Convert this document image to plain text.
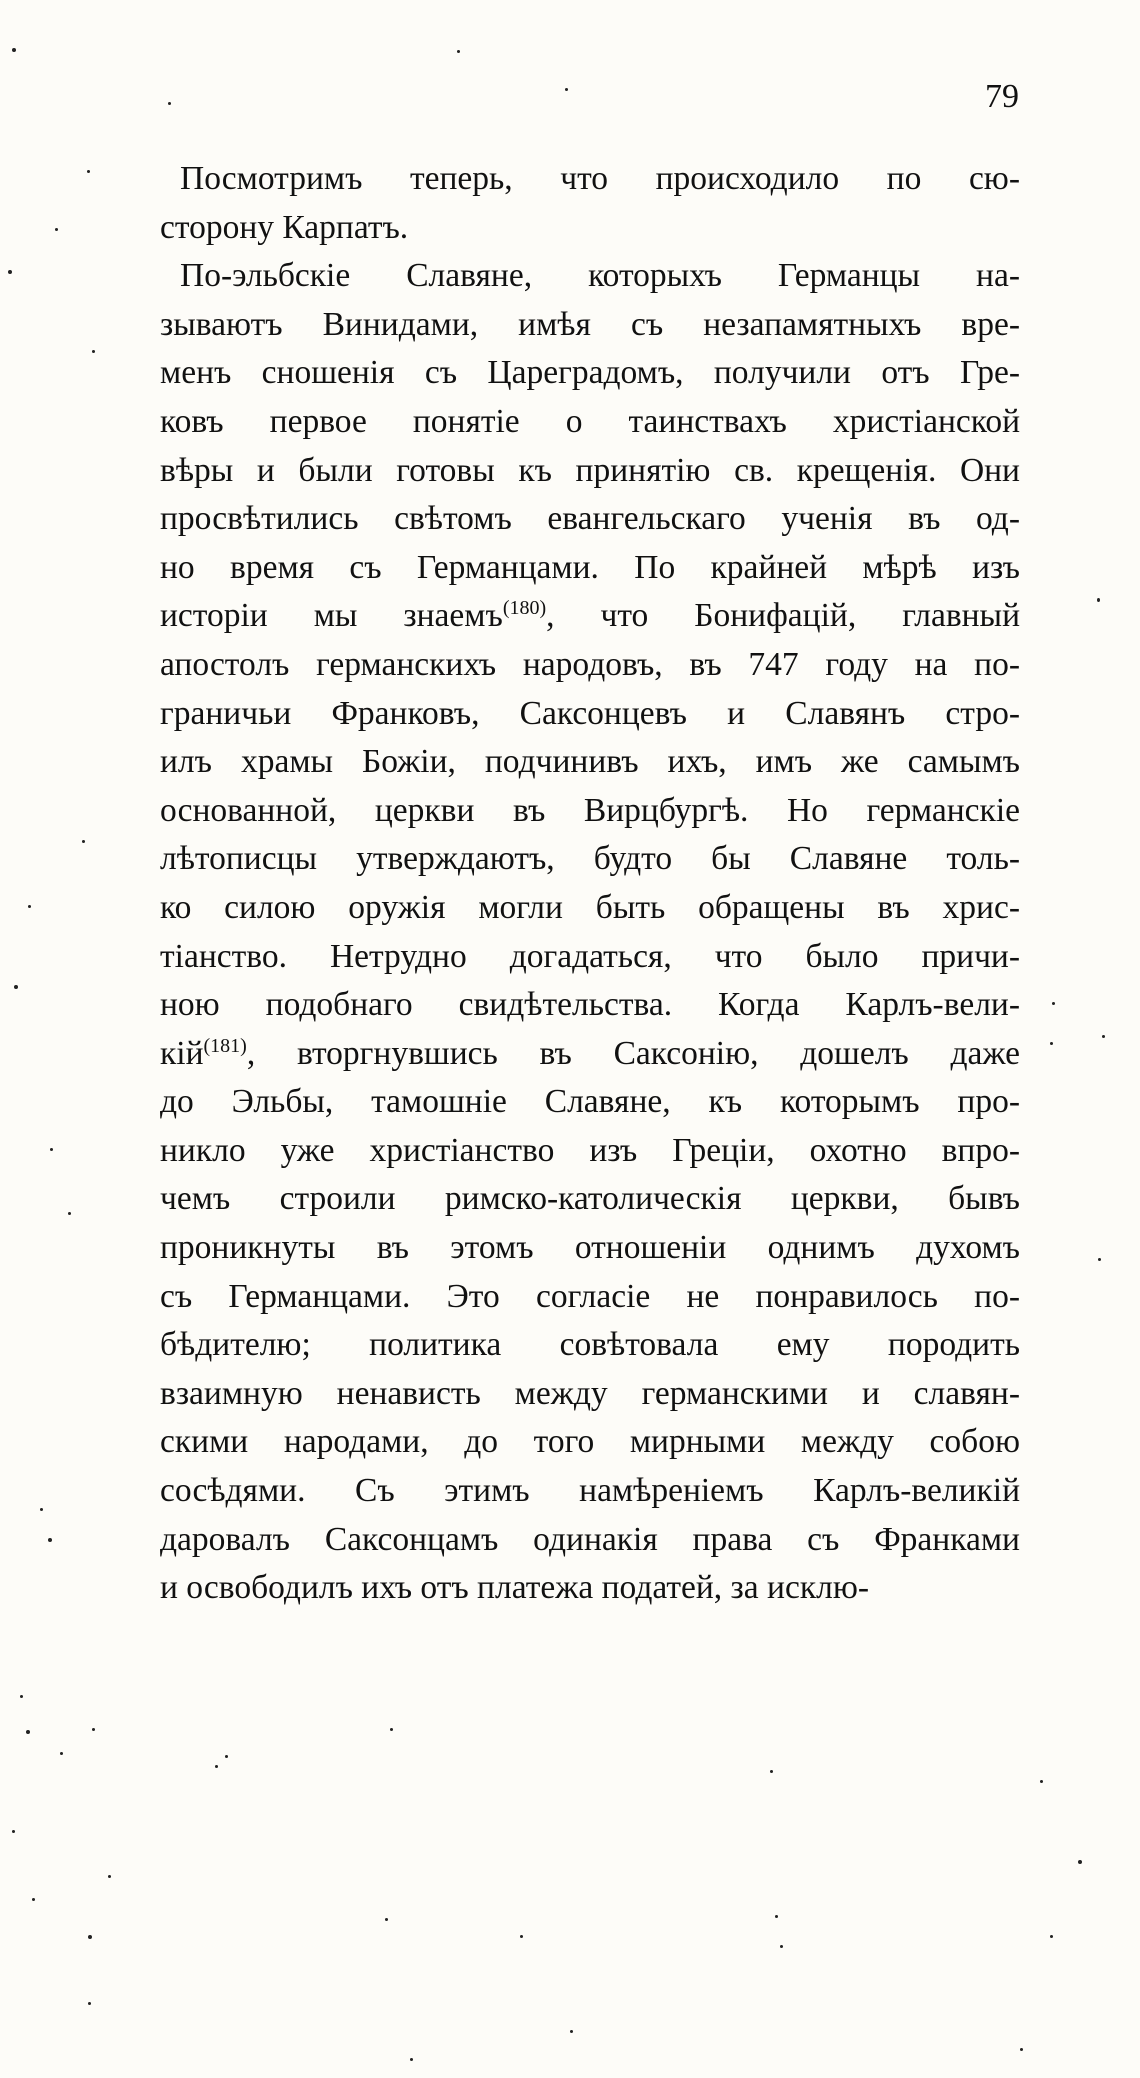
79
Посмотримъ теперь, что происходило по сю-
сторону Карпатъ.
По-эльбскіе Славяне, которыхъ Германцы на-
зываютъ Винидами, имѣя съ незапамятныхъ вре-
менъ сношенія съ Цареградомъ, получили отъ Гре-
ковъ первое понятіе о таинствахъ христіанской
вѣры и были готовы къ принятію св. крещенія. Они
просвѣтились свѣтомъ евангельскаго ученія въ од-
но время съ Германцами. По крайней мѣрѣ изъ
исторіи мы знаемъ$^{(180)}$, что Бонифацій, главный
апостолъ германскихъ народовъ, въ 747 году на по-
граничьи Франковъ, Саксонцевъ и Славянъ стро-
илъ храмы Божіи, подчинивъ ихъ, имъ же самымъ
основанной, церкви въ Вирцбургѣ. Но германскіе
лѣтописцы утверждаютъ, будто бы Славяне толь-
ко силою оружія могли быть обращены въ хрис-
тіанство. Нетрудно догадаться, что было причи-
ною подобнаго свидѣтельства. Когда Карлъ-вели-
кій$^{(181)}$, вторгнувшись въ Саксонію, дошелъ даже
до Эльбы, тамошніе Славяне, къ которымъ про-
никло уже христіанство изъ Греціи, охотно впро-
чемъ строили римско-католическія церкви, бывъ
проникнуты въ этомъ отношеніи однимъ духомъ
съ Германцами. Это согласіе не понравилось по-
бѣдителю; политика совѣтовала ему породить
взаимную ненависть между германскими и славян-
скими народами, до того мирными между собою
сосѣдями. Съ этимъ намѣреніемъ Карлъ-великій
даровалъ Саксонцамъ одинакія права съ Франками
и освободилъ ихъ отъ платежа податей, за исклю-
